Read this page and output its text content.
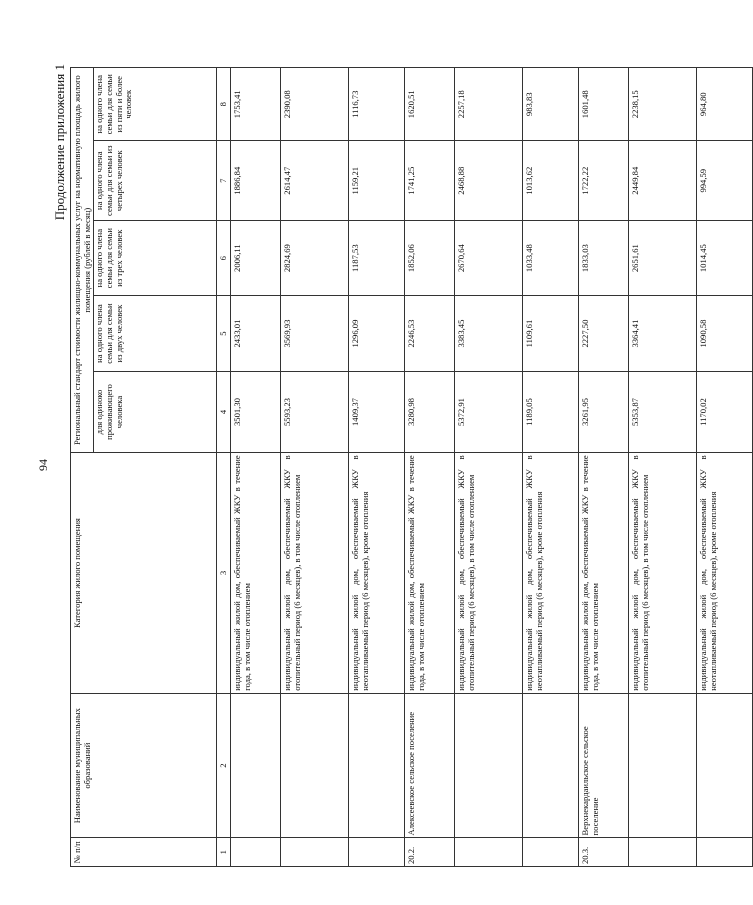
94
Продолжение приложения 1
№ п/п	Наименование муниципальных образований	Категория жилого помещения	Региональный стандарт стоимости жилищно-коммунальных услуг на нормативную площадь жилого помещения (рублей в месяц)				
			для одиноко проживающего человека	на одного члена семьи для семьи из двух человек	на одного члена семьи для семьи из трех человек	на одного члена семьи для семьи из четырех человек	на одного члена семьи для семьи из пяти и более человек
1	2	3	4	5	6	7	8
		индивидуальный жилой дом, обеспечиваемый ЖКУ в течение года, в том числе отоплением	3501,30	2433,01	2006,11	1886,84	1753,41
		индивидуальный жилой дом, обеспечиваемый ЖКУ в отопительный период (6 месяцев), в том числе отоплением	5593,23	3569,93	2824,69	2614,47	2390,08
		индивидуальный жилой дом, обеспечиваемый ЖКУ в неотапливаемый период (6 месяцев), кроме отопления	1409,37	1296,09	1187,53	1159,21	1116,73
20.2.	Алексеевское сельское поселение	индивидуальный жилой дом, обеспечиваемый ЖКУ в течение года, в том числе отоплением	3280,98	2246,53	1852,06	1741,25	1620,51
		индивидуальный жилой дом, обеспечиваемый ЖКУ в отопительный период (6 месяцев), в том числе отоплением	5372,91	3383,45	2670,64	2468,88	2257,18
		индивидуальный жилой дом, обеспечиваемый ЖКУ в неотапливаемый период (6 месяцев), кроме отопления	1189,05	1109,61	1033,48	1013,62	983,83
20.3.	Верхнекардаильское сельское поселение	индивидуальный жилой дом, обеспечиваемый ЖКУ в течение года, в том числе отоплением	3261,95	2227,50	1833,03	1722,22	1601,48
		индивидуальный жилой дом, обеспечиваемый ЖКУ в отопительный период (6 месяцев), в том числе отоплением	5353,87	3364,41	2651,61	2449,84	2238,15
		индивидуальный жилой дом, обеспечиваемый ЖКУ в неотапливаемый период (6 месяцев), кроме отопления	1170,02	1090,58	1014,45	994,59	964,80
